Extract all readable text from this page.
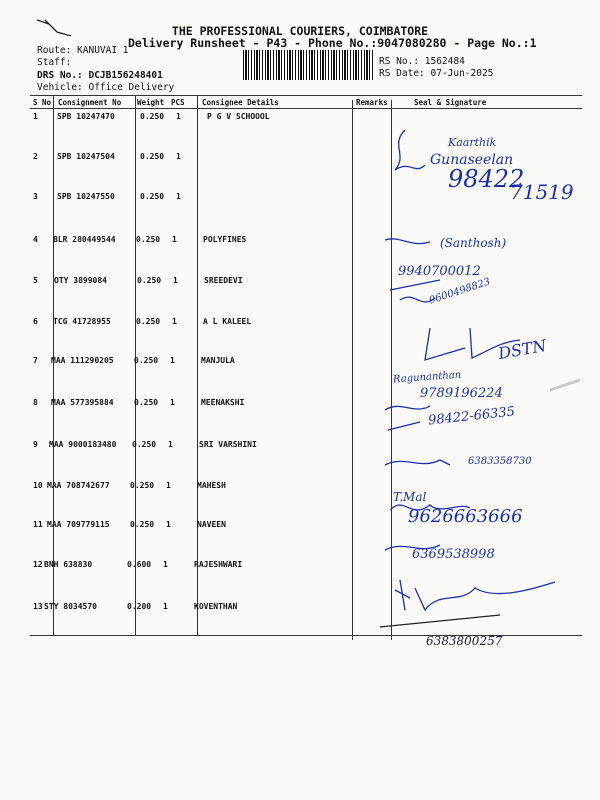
THE PROFESSIONAL COURIERS, COIMBATORE
Delivery Runsheet - P43 - Phone No.:9047080280 - Page No.:1
Route: KANUVAI 1
Staff:
DRS No.: DCJB156248401
Vehicle: Office Delivery
RS No.: 1562484
RS Date: 07-Jun-2025
S No Consignment No Weight PCS Consignee Details	Remarks	Seal & Signature
1 SPB 10247470	0.250 1	P G V SCHOOOL
2 SPB 10247504	0.250 1
3 SPB 10247550	0.250 1
4 BLR 280449544	0.250 1	POLYFINES
5 OTY 3899084	0.250 1	SREEDEVI
6 TCG 41728955	0.250 1	A L KALEEL
7 MAA 111290205	0.250 1	MANJULA
8 MAA 577395884	0.250 1	MEENAKSHI
9 MAA 9000183480 0.250 1	SRI VARSHINI
10 MAA 708742677	0.250 1	MAHESH
11 MAA 709779115	0.250 1	NAVEEN
12 BNH 638830	0.600 1	RAJESHWARI
13 STY 8034570	0.200 1	KOVENTHAN
Kaarthik
Gunaseelan
98422
71519
(Santhosh)
9940700012
9600498823
DSTN
Ragunanthan
9789196224
98422-66335
6383358730
T.Mal
9626663666
6369538998
6383800257
